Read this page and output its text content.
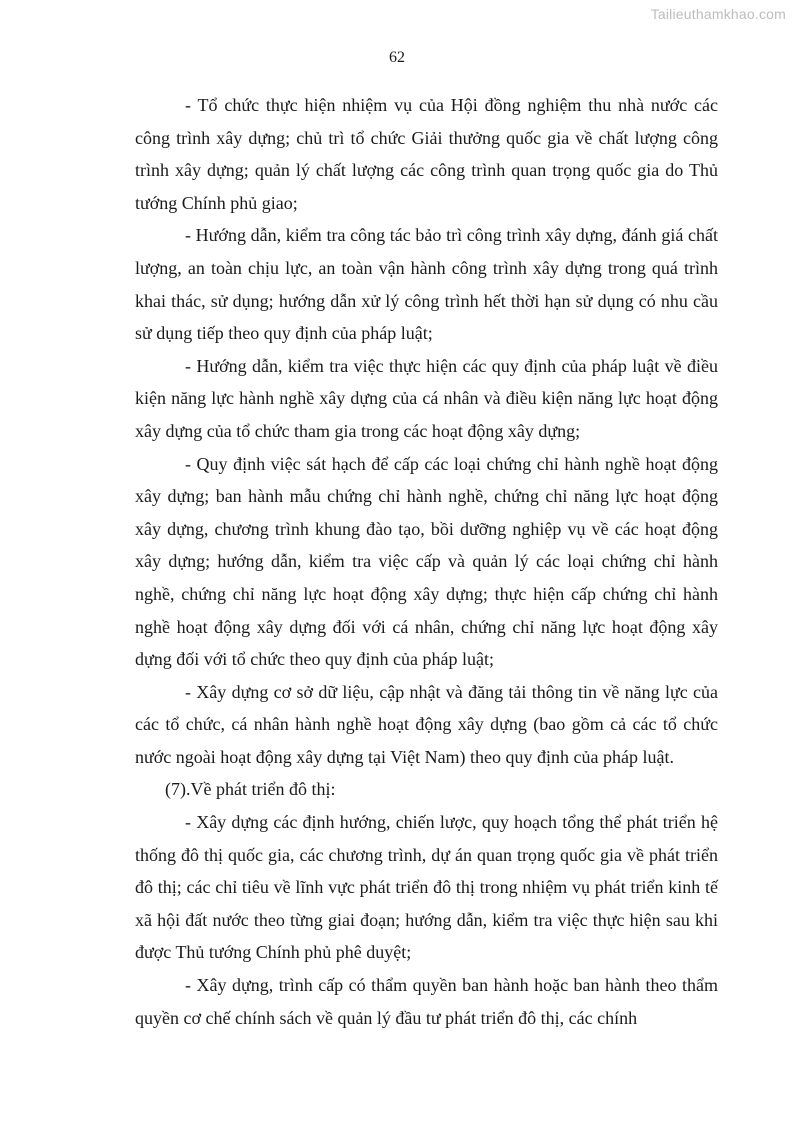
Tailieuthamkhao.com
62

- Tổ chức thực hiện nhiệm vụ của Hội đồng nghiệm thu nhà nước các công trình xây dựng; chủ trì tổ chức Giải thưởng quốc gia về chất lượng công trình xây dựng; quản lý chất lượng các công trình quan trọng quốc gia do Thủ tướng Chính phủ giao;

- Hướng dẫn, kiểm tra công tác bảo trì công trình xây dựng, đánh giá chất lượng, an toàn chịu lực, an toàn vận hành công trình xây dựng trong quá trình khai thác, sử dụng; hướng dẫn xử lý công trình hết thời hạn sử dụng có nhu cầu sử dụng tiếp theo quy định của pháp luật;

- Hướng dẫn, kiểm tra việc thực hiện các quy định của pháp luật về điều kiện năng lực hành nghề xây dựng của cá nhân và điều kiện năng lực hoạt động xây dựng của tổ chức tham gia trong các hoạt động xây dựng;

- Quy định việc sát hạch để cấp các loại chứng chỉ hành nghề hoạt động xây dựng; ban hành mẫu chứng chỉ hành nghề, chứng chỉ năng lực hoạt động xây dựng, chương trình khung đào tạo, bồi dưỡng nghiệp vụ về các hoạt động xây dựng; hướng dẫn, kiểm tra việc cấp và quản lý các loại chứng chỉ hành nghề, chứng chỉ năng lực hoạt động xây dựng; thực hiện cấp chứng chỉ hành nghề hoạt động xây dựng đối với cá nhân, chứng chỉ năng lực hoạt động xây dựng đối với tổ chức theo quy định của pháp luật;

- Xây dựng cơ sở dữ liệu, cập nhật và đăng tải thông tin về năng lực của các tổ chức, cá nhân hành nghề hoạt động xây dựng (bao gồm cả các tổ chức nước ngoài hoạt động xây dựng tại Việt Nam) theo quy định của pháp luật.

(7).Về phát triển đô thị:

- Xây dựng các định hướng, chiến lược, quy hoạch tổng thể phát triển hệ thống đô thị quốc gia, các chương trình, dự án quan trọng quốc gia về phát triển đô thị; các chỉ tiêu về lĩnh vực phát triển đô thị trong nhiệm vụ phát triển kinh tế xã hội đất nước theo từng giai đoạn; hướng dẫn, kiểm tra việc thực hiện sau khi được Thủ tướng Chính phủ phê duyệt;

- Xây dựng, trình cấp có thẩm quyền ban hành hoặc ban hành theo thẩm quyền cơ chế chính sách về quản lý đầu tư phát triển đô thị, các chính
